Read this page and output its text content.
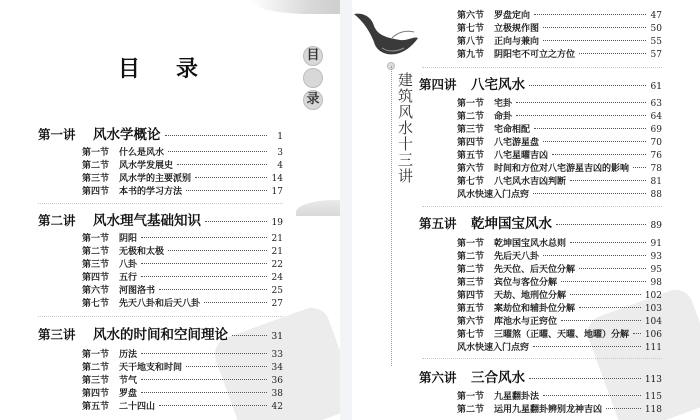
目录
目
录
第一讲	风水学概论	1
第一节	什么是风水	3
第二节	风水学发展史	4
第三节	风水学的主要派别	14
第四节	本书的学习方法	17
第二讲	风水理气基础知识	19
第一节	阴阳	21
第二节	无极和太极	21
第三节	八卦	22
第四节	五行	24
第六节	河图洛书	25
第七节	先天八卦和后天八卦	27
第三讲	风水的时间和空间理论	31
第一节	历法	33
第二节	天干地支和时间	34
第三节	节气	36
第四节	罗盘	38
第五节	二十四山	42
建筑风水十三讲
第六节	罗盘定向	47
第七节	立极规作图	50
第八节	正向与兼向	55
第九节	阴阳宅不可立之方位	57
第四讲	八宅风水	61
第一节	宅卦	63
第二节	命卦	64
第三节	宅命相配	69
第四节	八宅游星盘	70
第五节	八宅星曜吉凶	76
第六节	时间和方位对八宅游星吉凶的影响 78
第七节	八宅风水吉凶判断	81
风水快速入门点窍	88
第五讲	乾坤国宝风水	89
第一节	乾坤国宝风水总则	91
第二节	先后天八卦	93
第二节	先天位、后天位分解	95
第三节	宾位与客位分解	98
第四节	天劫、地刑位分解	102
第五节	案劫位和辅卦位分解	103
第六节	库池水与正窍位	104
第七节	三曜煞（正曜、天曜、地曜）分解 106
风水快速入门点窍	111
第六讲	三合风水	113
第一节	九星翻卦法	115
第二节	运用九星翻卦辨别龙神吉凶	118
